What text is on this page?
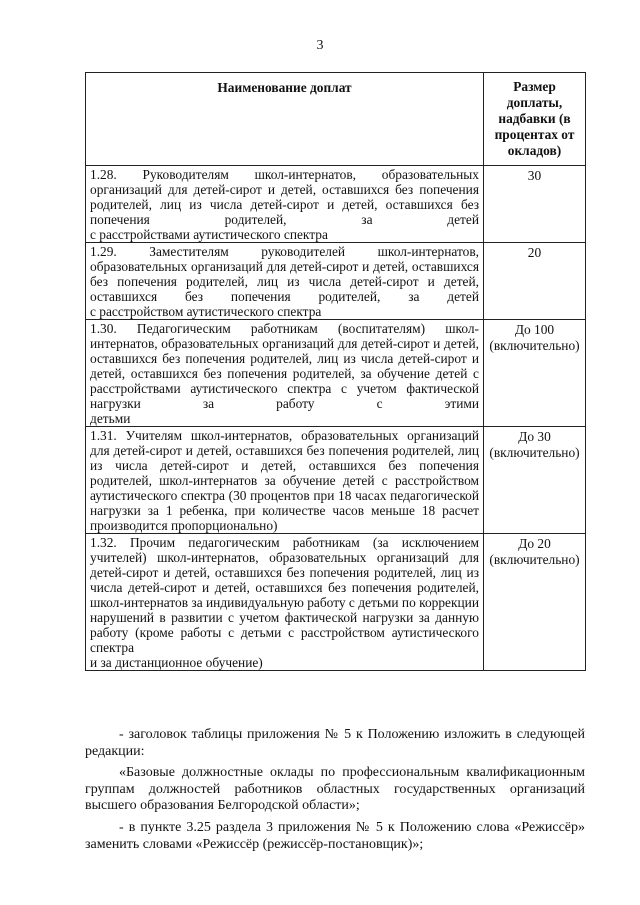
3
Наименование доплат	Размер доплаты, надбавки (в процентах от окладов)
1.28. Руководителям школ-интернатов, образовательных организаций для детей-сирот и детей, оставшихся без попечения родителей, лиц из числа детей-сирот и детей, оставшихся без попечения родителей, за детей
с расстройствами аутистического спектра	30
1.29. Заместителям руководителей школ-интернатов, образовательных организаций для детей-сирот и детей, оставшихся без попечения родителей, лиц из числа детей-сирот и детей, оставшихся без попечения родителей, за детей
с расстройством аутистического спектра	20
1.30. Педагогическим работникам (воспитателям) школ- интернатов, образовательных организаций для детей-сирот и детей, оставшихся без попечения родителей, лиц из числа детей-сирот и детей, оставшихся без попечения родителей, за обучение детей с расстройствами аутистического спектра с учетом фактической нагрузки за работу с этими
детьми	До 100 (включительно)
1.31. Учителям школ-интернатов, образовательных организаций для детей-сирот и детей, оставшихся без попечения родителей, лиц из числа детей-сирот и детей, оставшихся без попечения родителей, школ-интернатов за обучение детей с расстройством аутистического спектра (30 процентов при 18 часах педагогической нагрузки за 1 ребенка, при количестве часов меньше 18 расчет
производится пропорционально)	До 30 (включительно)
1.32. Прочим педагогическим работникам (за исключением учителей) школ-интернатов, образовательных организаций для детей-сирот и детей, оставшихся без попечения родителей, лиц из числа детей-сирот и детей, оставшихся без попечения родителей, школ-интернатов за индивидуальную работу с детьми по коррекции нарушений в развитии с учетом фактической нагрузки за данную работу (кроме работы с детьми с расстройством аутистического спектра
и за дистанционное обучение)	До 20 (включительно)

- заголовок таблицы приложения № 5 к Положению изложить в следующей редакции:

«Базовые должностные оклады по профессиональным квалификационным группам должностей работников областных государственных организаций высшего образования Белгородской области»;

- в пункте 3.25 раздела 3 приложения № 5 к Положению слова «Режиссёр» заменить словами «Режиссёр (режиссёр-постановщик)»;
